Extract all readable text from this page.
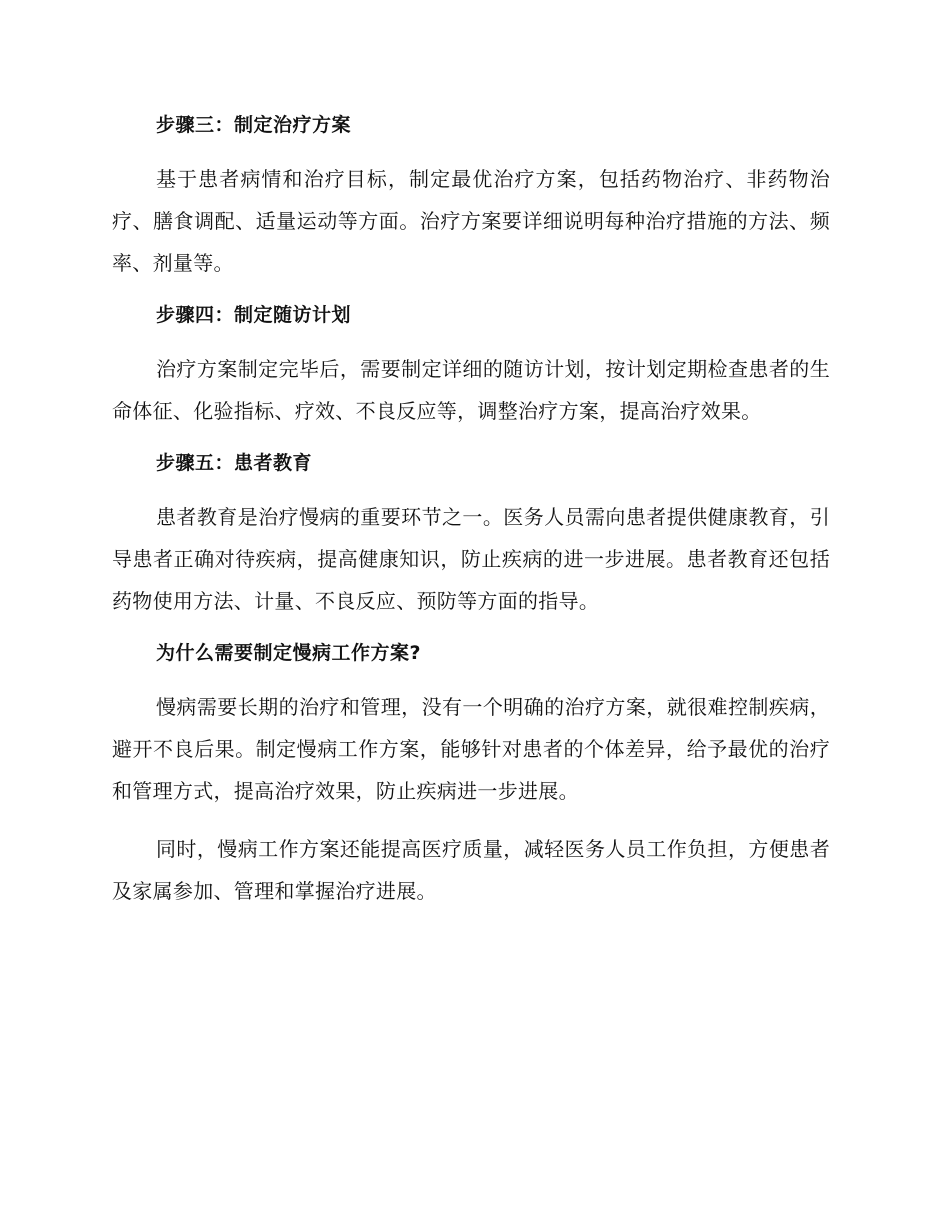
步骤三：制定治疗方案

基于患者病情和治疗目标，制定最优治疗方案，包括药物治疗、非药物治疗、膳食调配、适量运动等方面。治疗方案要详细说明每种治疗措施的方法、频率、剂量等。

步骤四：制定随访计划

治疗方案制定完毕后，需要制定详细的随访计划，按计划定期检查患者的生命体征、化验指标、疗效、不良反应等，调整治疗方案，提高治疗效果。

步骤五：患者教育

患者教育是治疗慢病的重要环节之一。医务人员需向患者提供健康教育，引导患者正确对待疾病，提高健康知识，防止疾病的进一步进展。患者教育还包括药物使用方法、计量、不良反应、预防等方面的指导。

为什么需要制定慢病工作方案?

慢病需要长期的治疗和管理，没有一个明确的治疗方案，就很难控制疾病，避开不良后果。制定慢病工作方案，能够针对患者的个体差异，给予最优的治疗和管理方式，提高治疗效果，防止疾病进一步进展。

同时，慢病工作方案还能提高医疗质量，减轻医务人员工作负担，方便患者及家属参加、管理和掌握治疗进展。
